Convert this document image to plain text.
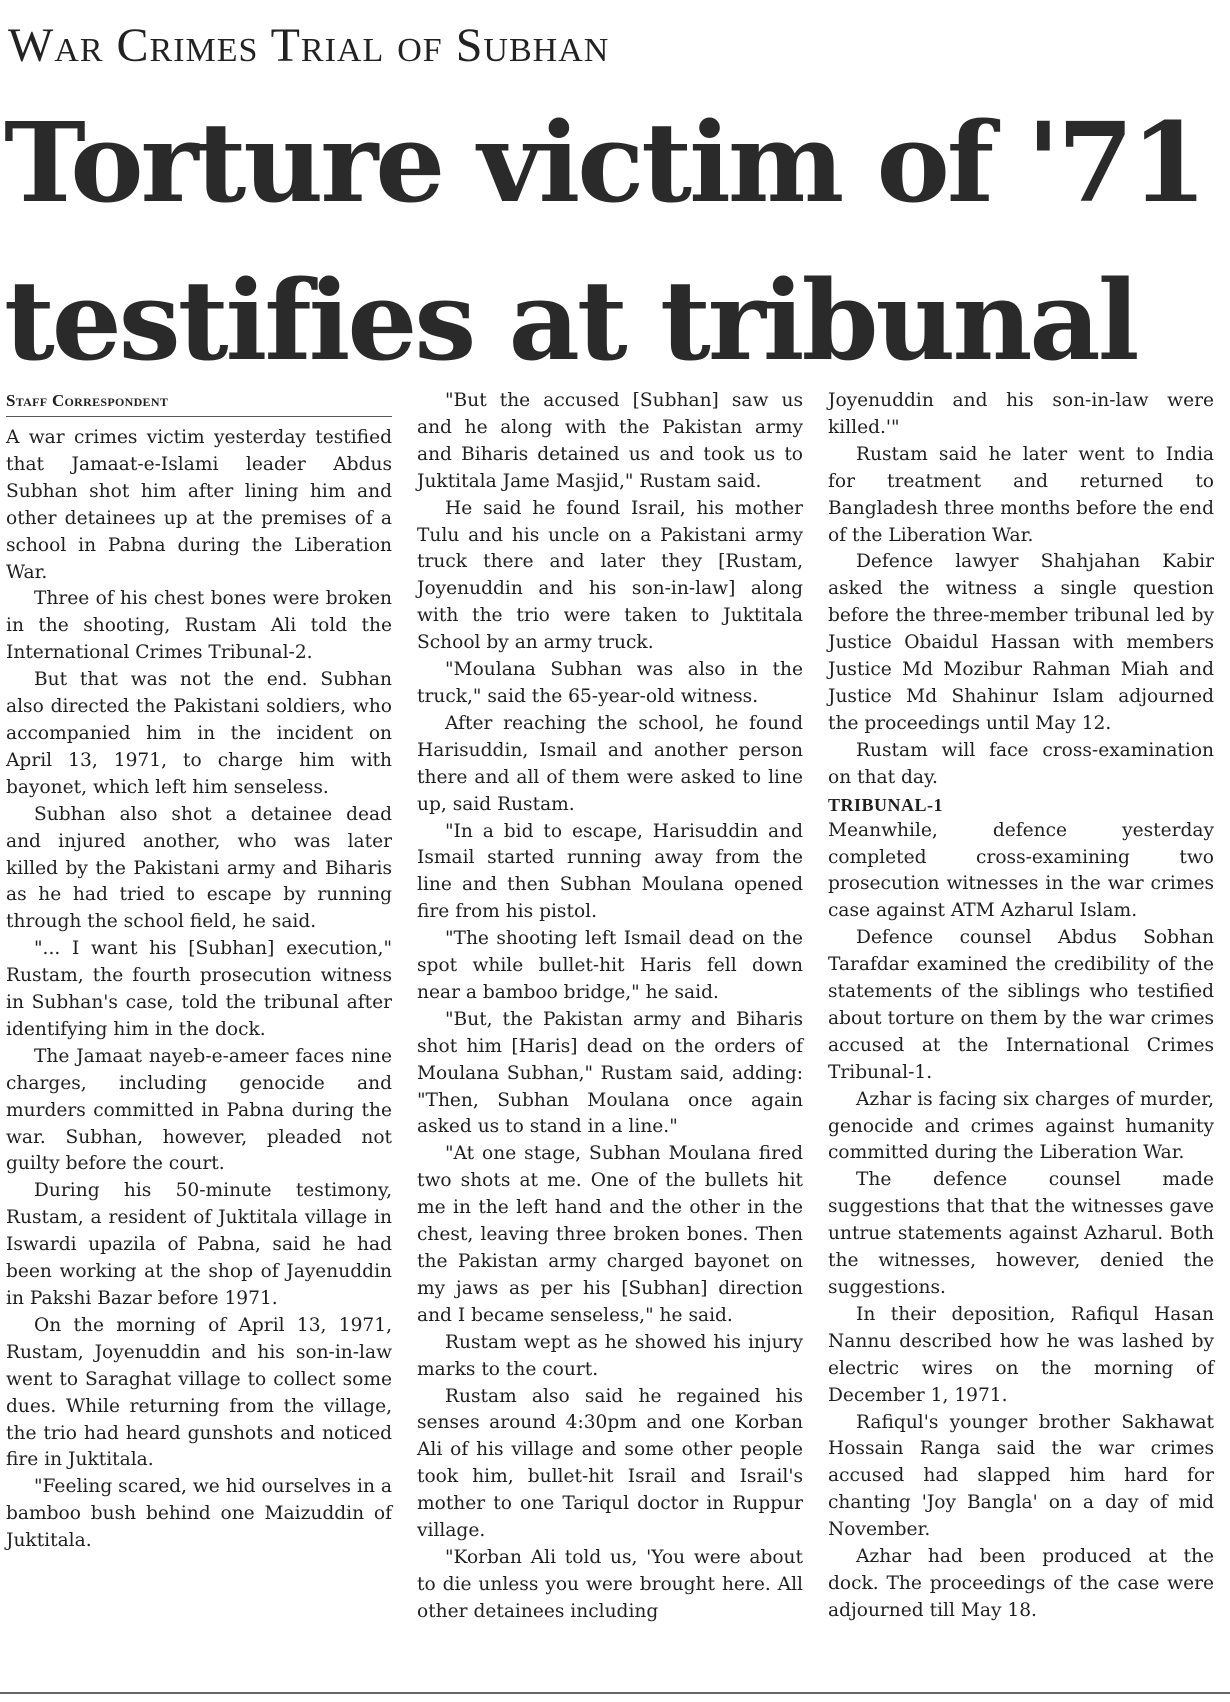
War Crimes Trial of Subhan
Torture victim of '71
testifies at tribunal
Staff Correspondent

A war crimes victim yesterday testified that Jamaat-e-Islami leader Abdus Subhan shot him after lining him and other detainees up at the premises of a school in Pabna during the Liberation War.

Three of his chest bones were broken in the shooting, Rustam Ali told the International Crimes Tribunal-2.

But that was not the end. Subhan also directed the Pakistani soldiers, who accompanied him in the incident on April 13, 1971, to charge him with bayonet, which left him senseless.

Subhan also shot a detainee dead and injured another, who was later killed by the Pakistani army and Biharis as he had tried to escape by running through the school field, he said.

"... I want his [Subhan] execution," Rustam, the fourth prosecution witness in Subhan's case, told the tribunal after identifying him in the dock.

The Jamaat nayeb-e-ameer faces nine charges, including genocide and murders committed in Pabna during the war. Subhan, however, pleaded not guilty before the court.

During his 50-minute testimony, Rustam, a resident of Juktitala village in Iswardi upazila of Pabna, said he had been working at the shop of Jayenuddin in Pakshi Bazar before 1971.

On the morning of April 13, 1971, Rustam, Joyenuddin and his son-in-law went to Saraghat village to collect some dues. While returning from the village, the trio had heard gunshots and noticed fire in Juktitala.

"Feeling scared, we hid ourselves in a bamboo bush behind one Maizuddin of Juktitala.

"But the accused [Subhan] saw us and he along with the Pakistan army and Biharis detained us and took us to Juktitala Jame Masjid," Rustam said.

He said he found Israil, his mother Tulu and his uncle on a Pakistani army truck there and later they [Rustam, Joyenuddin and his son-in-law] along with the trio were taken to Juktitala School by an army truck.

"Moulana Subhan was also in the truck," said the 65-year-old witness.

After reaching the school, he found Harisuddin, Ismail and another person there and all of them were asked to line up, said Rustam.

"In a bid to escape, Harisuddin and Ismail started running away from the line and then Subhan Moulana opened fire from his pistol.

"The shooting left Ismail dead on the spot while bullet-hit Haris fell down near a bamboo bridge," he said.

"But, the Pakistan army and Biharis shot him [Haris] dead on the orders of Moulana Subhan," Rustam said, adding: "Then, Subhan Moulana once again asked us to stand in a line."

"At one stage, Subhan Moulana fired two shots at me. One of the bullets hit me in the left hand and the other in the chest, leaving three broken bones. Then the Pakistan army charged bayonet on my jaws as per his [Subhan] direction and I became senseless," he said.

Rustam wept as he showed his injury marks to the court.

Rustam also said he regained his senses around 4:30pm and one Korban Ali of his village and some other people took him, bullet-hit Israil and Israil's mother to one Tariqul doctor in Ruppur village.

"Korban Ali told us, 'You were about to die unless you were brought here. All other detainees including

Joyenuddin and his son-in-law were killed.'"

Rustam said he later went to India for treatment and returned to Bangladesh three months before the end of the Liberation War.

Defence lawyer Shahjahan Kabir asked the witness a single question before the three-member tribunal led by Justice Obaidul Hassan with members Justice Md Mozibur Rahman Miah and Justice Md Shahinur Islam adjourned the proceedings until May 12.

Rustam will face cross-examination on that day.

TRIBUNAL-1

Meanwhile, defence yesterday completed cross-examining two prosecution witnesses in the war crimes case against ATM Azharul Islam.

Defence counsel Abdus Sobhan Tarafdar examined the credibility of the statements of the siblings who testified about torture on them by the war crimes accused at the International Crimes Tribunal-1.

Azhar is facing six charges of murder, genocide and crimes against humanity committed during the Liberation War.

The defence counsel made suggestions that that the witnesses gave untrue statements against Azharul. Both the witnesses, however, denied the suggestions.

In their deposition, Rafiqul Hasan Nannu described how he was lashed by electric wires on the morning of December 1, 1971.

Rafiqul's younger brother Sakhawat Hossain Ranga said the war crimes accused had slapped him hard for chanting 'Joy Bangla' on a day of mid November.

Azhar had been produced at the dock. The proceedings of the case were adjourned till May 18.
